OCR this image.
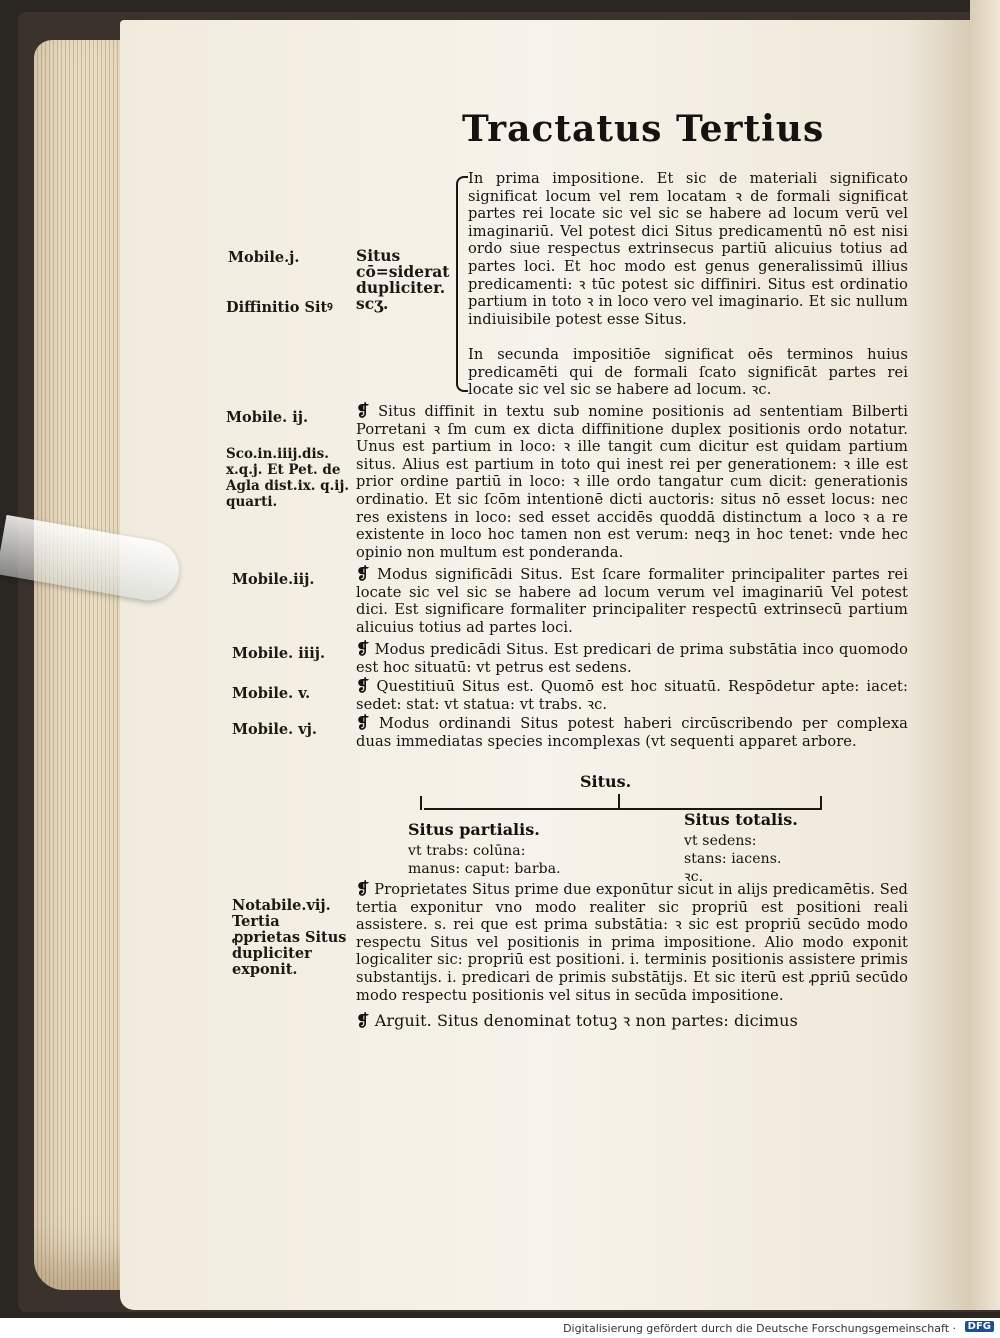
Tractatus Tertius
Mobile.j.
Diffinitio Sitꝰ
Mobile. ij.
Sco.in.iiij.dis. x.q.j. Et Pet. de Agla dist.ix. q.ij. quarti.
Mobile.iij.
Mobile. iiij.
Mobile. v.
Mobile. vj.
Notabile.vij. Tertia ꝓprietas Situs dupliciter exponit.
Situs cō=siderat dupliciter. scʒ.

In prima impositione. Et sic de materiali significato significat locum vel rem locatam ꝛ de formali significat partes rei locate sic vel sic se habere ad locum verū vel imaginariū. Vel potest dici Situs predicamentū nō est nisi ordo siue respectus extrinsecus partiū alicuius totius ad partes loci. Et hoc modo est genus generalissimū illius predicamenti: ꝛ tūc potest sic diffiniri. Situs est ordinatio partium in toto ꝛ in loco vero vel imaginario. Et sic nullum indiuisibile potest esse Situs.

In secunda impositiōe significat oēs terminos huius predicamēti qui de formali ſcato significāt partes rei locate sic vel sic se habere ad locum. ꝛc.

❡ Situs diffinit in textu sub nomine positionis ad sententiam Bilberti Porretani ꝛ ſm cum ex dicta diffinitione duplex positionis ordo notatur. Unus est partium in loco: ꝛ ille tangit cum dicitur est quidam partium situs. Alius est partium in toto qui inest rei per generationem: ꝛ ille est prior ordine partiū in loco: ꝛ ille ordo tangatur cum dicit: generationis ordinatio. Et sic ſcōm intentionē dicti auctoris: situs nō esset locus: nec res existens in loco: sed esset accidēs quoddā distinctum a loco ꝛ a re existente in loco hoc tamen non est verum: neqꝫ in hoc tenet: vnde hec opinio non multum est ponderanda.

❡ Modus significādi Situs. Est ſcare formaliter principaliter partes rei locate sic vel sic se habere ad locum verum vel imaginariū Vel potest dici. Est significare formaliter principaliter respectū extrinsecū partium alicuius totius ad partes loci.

❡ Modus predicādi Situs. Est predicari de prima substātia inco quomodo est hoc situatū: vt petrus est sedens.

❡ Questitiuū Situs est. Quomō est hoc situatū. Respōdetur apte: iacet: sedet: stat: vt statua: vt trabs. ꝛc.

❡ Modus ordinandi Situs potest haberi circūscribendo per complexa duas immediatas species incomplexas (vt sequenti apparet arbore.

Situs.
Situs partialis.
vt trabs: colūna: manus: caput: barba.
Situs totalis.
vt sedens: stans: iacens. ꝛc.

❡ Proprietates Situs prime due exponūtur sicut in alijs predicamētis. Sed tertia exponitur vno modo realiter sic propriū est positioni reali assistere. s. rei que est prima substātia: ꝛ sic est propriū secūdo modo respectu Situs vel positionis in prima impositione. Alio modo exponit logicaliter sic: propriū est positioni. i. terminis positionis assistere primis substantijs. i. predicari de primis substātijs. Et sic iterū est ꝓpriū secūdo modo respectu positionis vel situs in secūda impositione.

❡ Arguit. Situs denominat totuꝫ ꝛ non partes: dicimus

Digitalisierung gefördert durch die Deutsche Forschungsgemeinschaft ·	DFG
